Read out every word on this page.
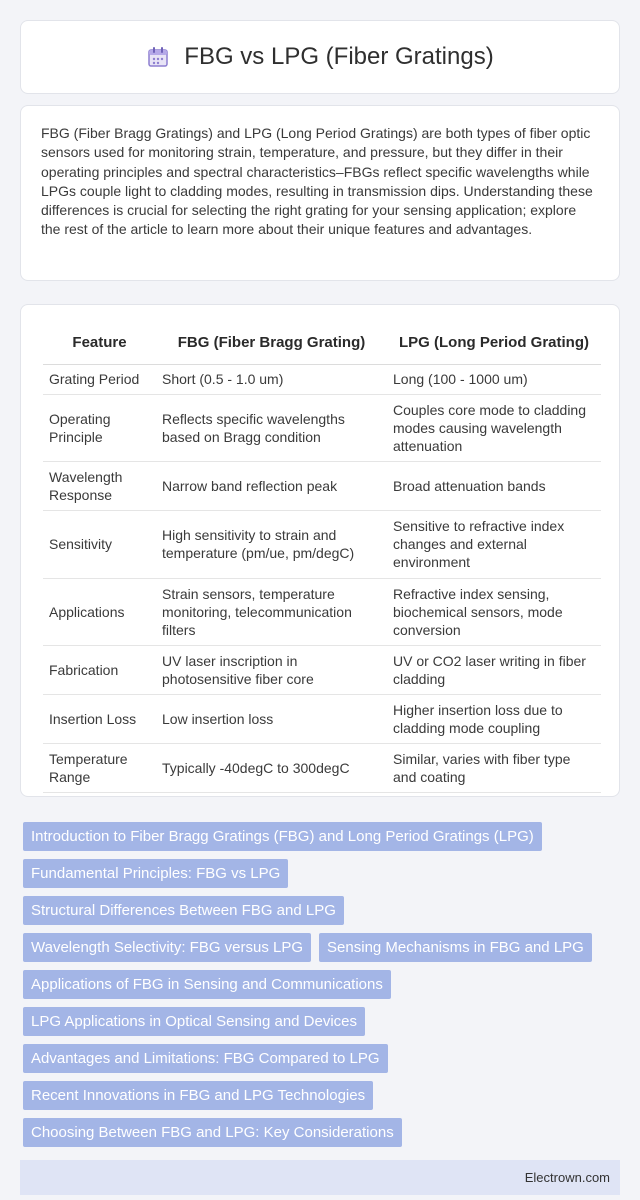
FBG vs LPG (Fiber Gratings)

FBG (Fiber Bragg Gratings) and LPG (Long Period Gratings) are both types of fiber optic sensors used for monitoring strain, temperature, and pressure, but they differ in their operating principles and spectral characteristics–FBGs reflect specific wavelengths while LPGs couple light to cladding modes, resulting in transmission dips. Understanding these differences is crucial for selecting the right grating for your sensing application; explore the rest of the article to learn more about their unique features and advantages.

Feature	FBG (Fiber Bragg Grating)	LPG (Long Period Grating)
Grating Period	Short (0.5 - 1.0 um)	Long (100 - 1000 um)
Operating Principle	Reflects specific wavelengths based on Bragg condition	Couples core mode to cladding modes causing wavelength attenuation
Wavelength Response	Narrow band reflection peak	Broad attenuation bands
Sensitivity	High sensitivity to strain and temperature (pm/ue, pm/degC)	Sensitive to refractive index changes and external environment
Applications	Strain sensors, temperature monitoring, telecommunication filters	Refractive index sensing, biochemical sensors, mode conversion
Fabrication	UV laser inscription in photosensitive fiber core	UV or CO2 laser writing in fiber cladding
Insertion Loss	Low insertion loss	Higher insertion loss due to cladding mode coupling
Temperature Range	Typically -40degC to 300degC	Similar, varies with fiber type and coating
Introduction to Fiber Bragg Gratings (FBG) and Long Period Gratings (LPG)
Fundamental Principles: FBG vs LPG
Structural Differences Between FBG and LPG
Wavelength Selectivity: FBG versus LPG	Sensing Mechanisms in FBG and LPG
Applications of FBG in Sensing and Communications
LPG Applications in Optical Sensing and Devices
Advantages and Limitations: FBG Compared to LPG
Recent Innovations in FBG and LPG Technologies
Choosing Between FBG and LPG: Key Considerations
Electrown.com
